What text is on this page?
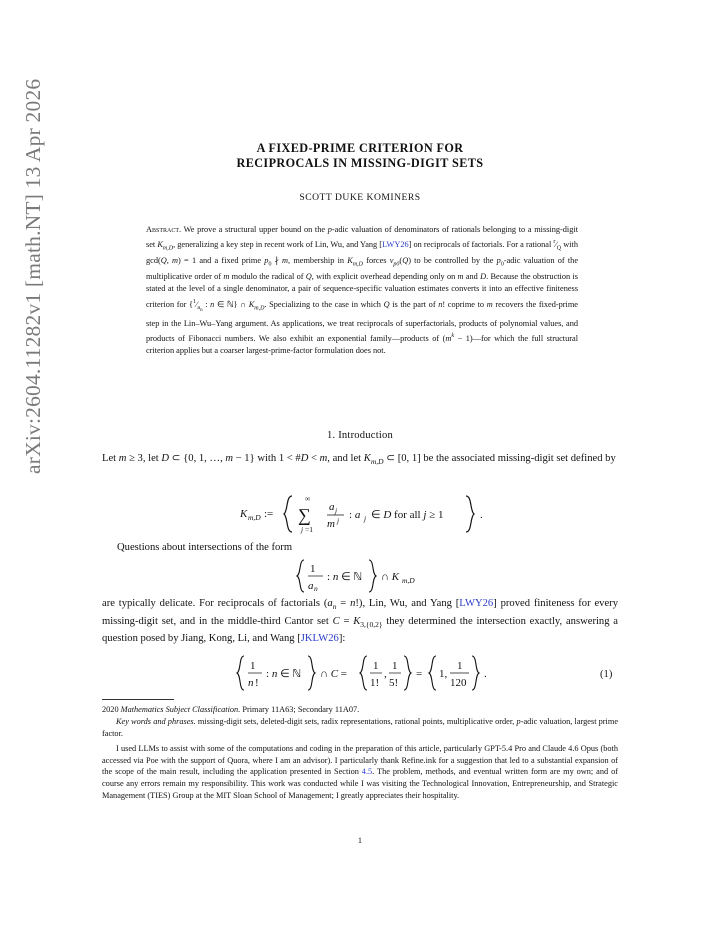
arXiv:2604.11282v1 [math.NT] 13 Apr 2026	A FIXED-PRIME CRITERION FOR
RECIPROCALS IN MISSING-DIGIT SETS
SCOTT DUKE KOMINERS
Abstract. We prove a structural upper bound on the p-adic valuation of denominators of rationals belonging to a missing-digit set $K_{m,D}$, generalizing a key step in recent work of Lin, Wu, and Yang [LWY26] on reciprocals of factorials. For a rational $^r⁄_Q$ with gcd(Q, m) = 1 and a fixed prime $p_0$ ∤ m, membership in $K_{m,D}$ forces $\nu_{p0}(Q)$ to be controlled by the $p_0$-adic valuation of the multiplicative order of m modulo the radical of Q, with explicit overhead depending only on m and D. Because the obstruction is stated at the level of a single denominator, a pair of sequence-specific valuation estimates converts it into an effective finiteness criterion for {$^1⁄_{a_n}$ : n ∈ ℕ} ∩ $K_{m,D}$. Specializing to the case in which Q is the part of n! coprime to m recovers the fixed-prime step in the Lin–Wu–Yang argument. As applications, we treat reciprocals of superfactorials, products of polynomial values, and products of Fibonacci numbers. We also exhibit an exponential family—products of ($m^k$ − 1)—for which the full structural criterion applies but a coarser largest-prime-factor formulation does not.
1. Introduction
Let m ≥ 3, let D ⊂ {0, 1, …, m − 1} with 1 < #D < m, and let $K_{m,D}$ ⊂ [0, 1] be the associated missing-digit set defined by
K m,D :=
∞
∑
j =1
a j
m j : a j ∈ D for all j ≥ 1	.
Questions about intersections of the form
1
a n
: n ∈ ℕ ∩ K m,D
are typically delicate. For reciprocals of factorials $(a_n = n!)$, Lin, Wu, and Yang [LWY26] proved finiteness for every missing-digit set, and in the middle-third Cantor set $C = K_{3,\{0,2\}}$ they determined the intersection exactly, answering a question posed by Jiang, Kong, Li, and Wang [JKLW26]:
1
n !
: n ∈ ℕ ∩ C =
1
1!
,
1
5!
= 1,
1
120
.	(1)
2020 Mathematics Subject Classification. Primary 11A63; Secondary 11A07.
Key words and phrases. missing-digit sets, deleted-digit sets, radix representations, rational points, multiplicative order, p-adic valuation, largest prime factor.
I used LLMs to assist with some of the computations and coding in the preparation of this article, particularly GPT-5.4 Pro and Claude 4.6 Opus (both accessed via Poe with the support of Quora, where I am an advisor). I particularly thank Refine.ink for a suggestion that led to a substantial expansion of the scope of the main result, including the application presented in Section 4.5. The problem, methods, and eventual written form are my own; and of course any errors remain my responsibility. This work was conducted while I was visiting the Technological Innovation, Entrepreneurship, and Strategic Management (TIES) Group at the MIT Sloan School of Management; I greatly appreciates their hospitality.
1
